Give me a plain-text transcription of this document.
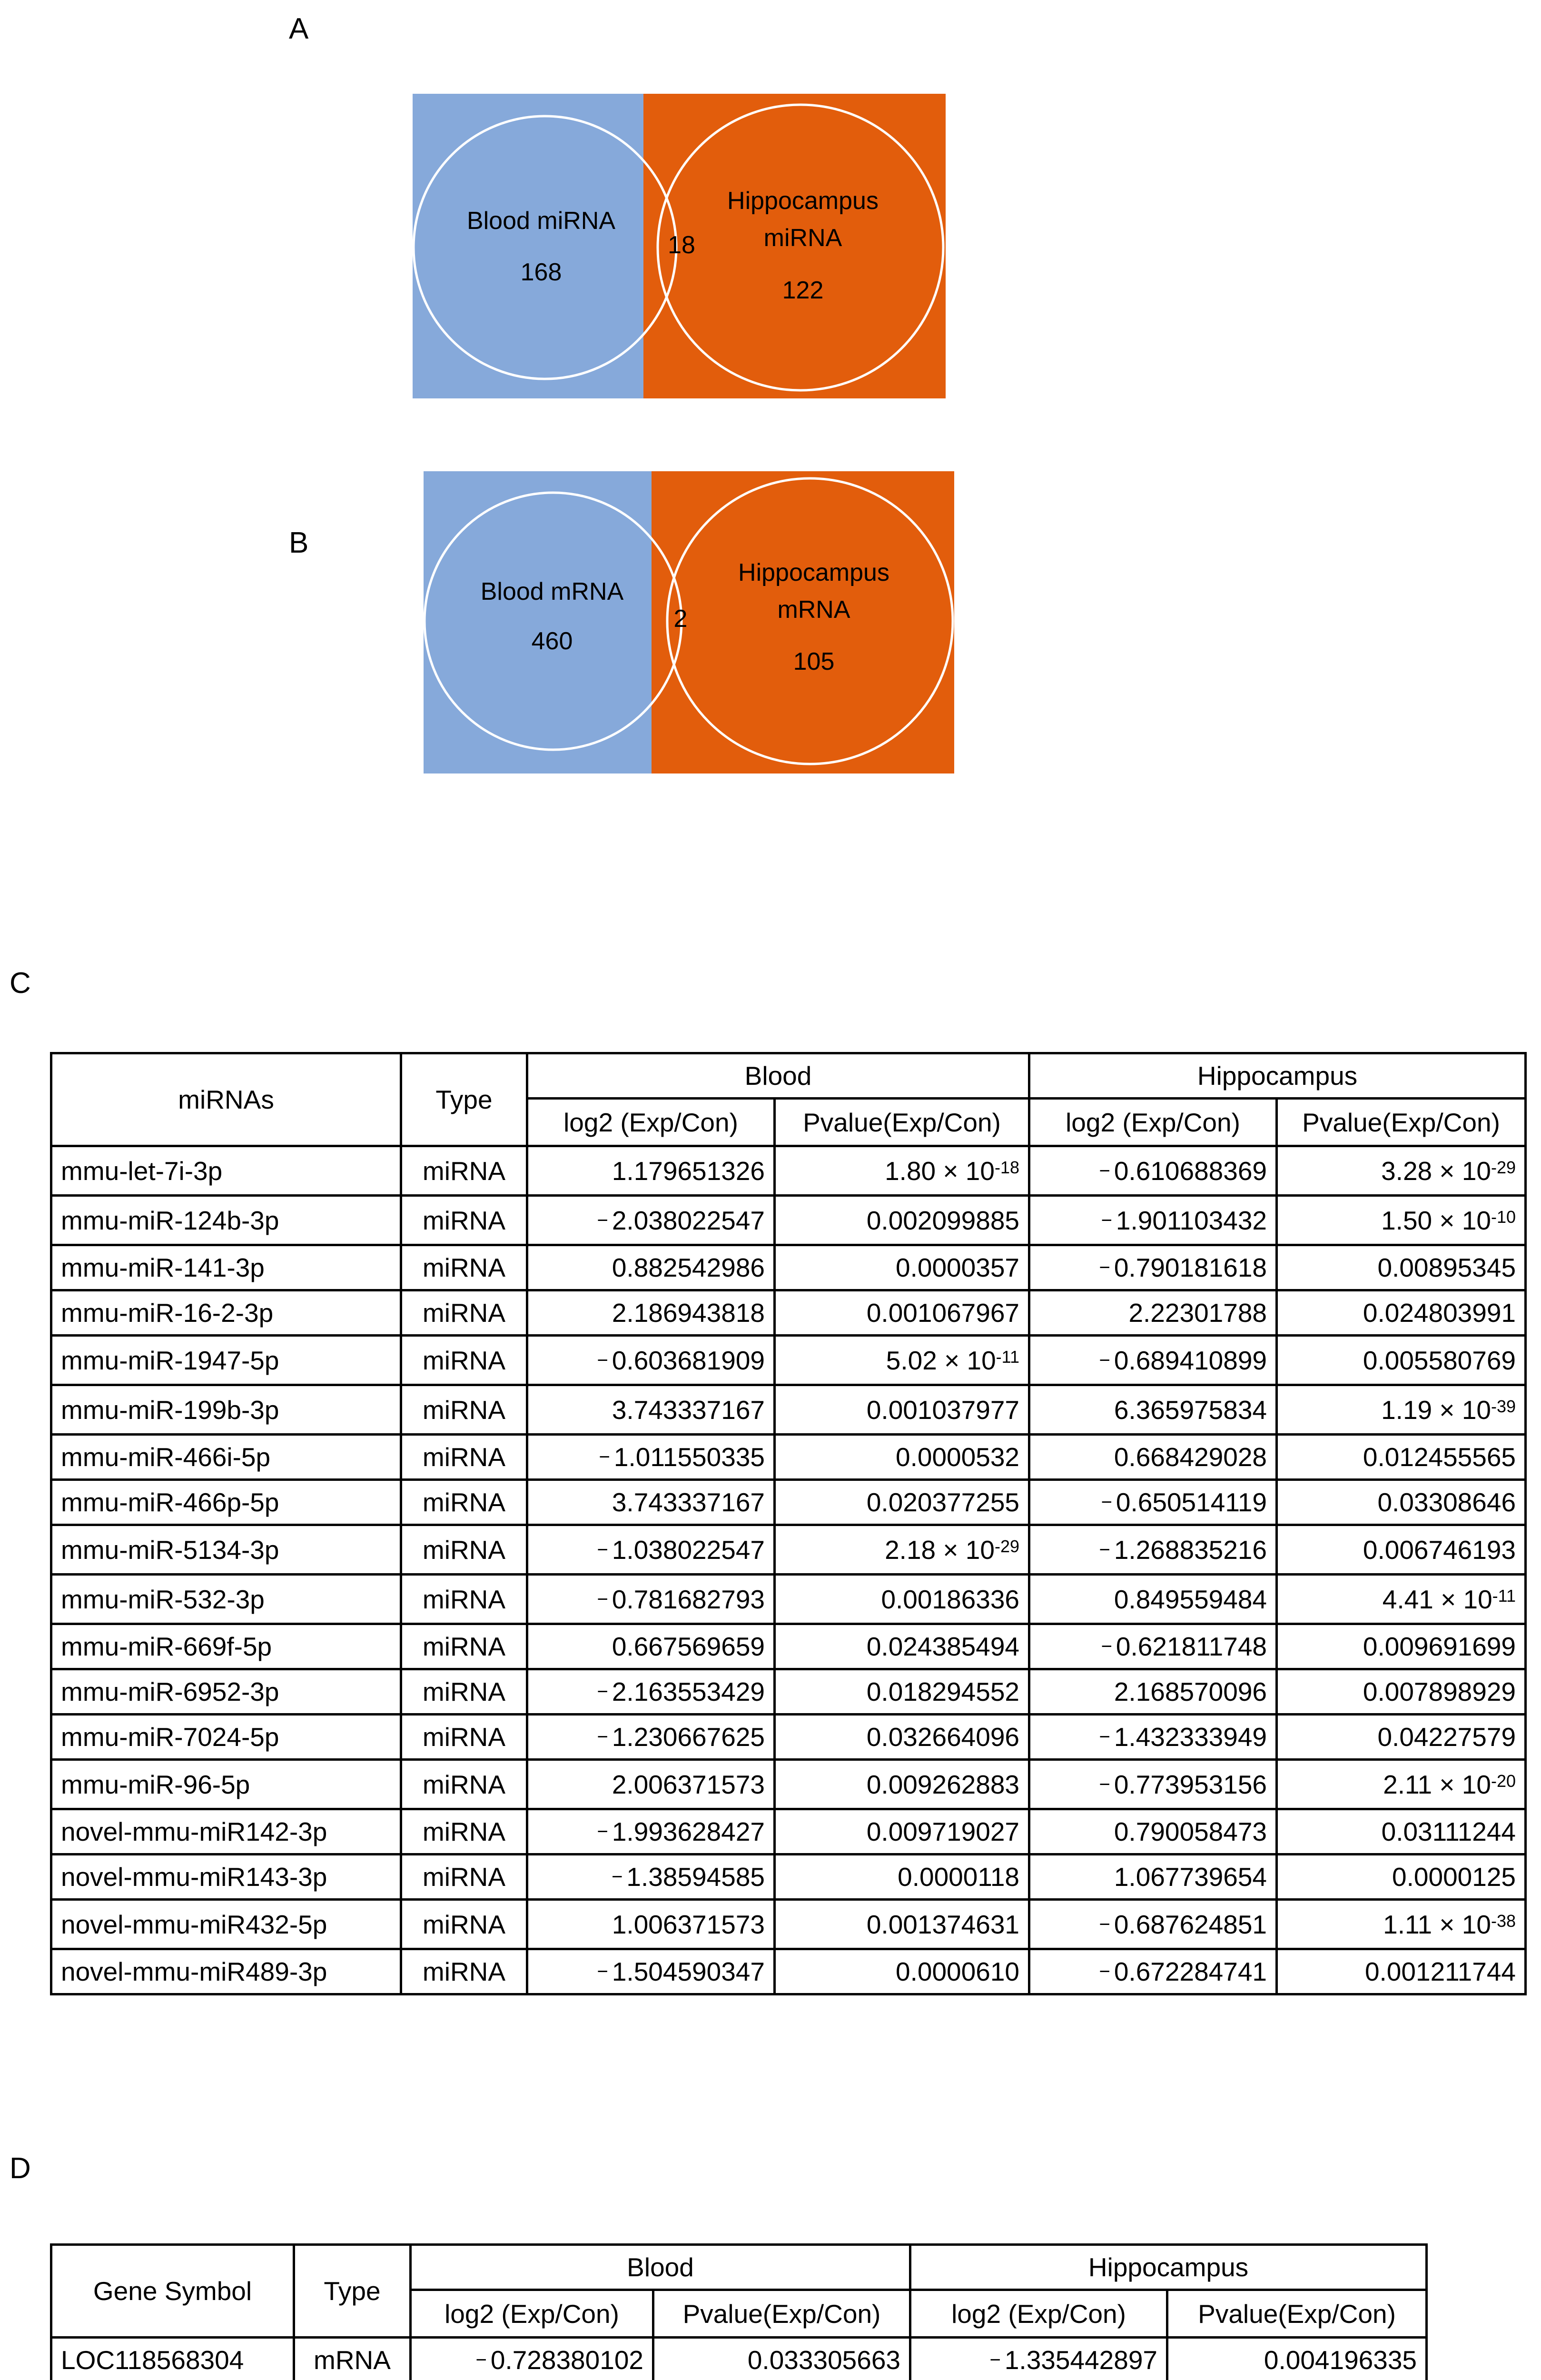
A
B
C
D
Blood miRNA
168
18
Hippocampus
miRNA
122
Blood mRNA
460
2
Hippocampus
mRNA
105
miRNAs	Type	Blood		Hippocampus	
		log2 (Exp/Con)	Pvalue(Exp/Con)	log2 (Exp/Con)	Pvalue(Exp/Con)
mmu-let-7i-3p	miRNA	1.179651326	$1.80 \times 10^{-18}$	− 0.610688369	$3.28 \times 10^{-29}$
mmu-miR-124b-3p	miRNA	− 2.038022547	0.002099885	− 1.901103432	$1.50 \times 10^{-10}$
mmu-miR-141-3p	miRNA	0.882542986	0.0000357	− 0.790181618	0.00895345
mmu-miR-16-2-3p	miRNA	2.186943818	0.001067967	2.22301788	0.024803991
mmu-miR-1947-5p	miRNA	− 0.603681909	$5.02 \times 10^{-11}$	− 0.689410899	0.005580769
mmu-miR-199b-3p	miRNA	3.743337167	0.001037977	6.365975834	$1.19 \times 10^{-39}$
mmu-miR-466i-5p	miRNA	− 1.011550335	0.0000532	0.668429028	0.012455565
mmu-miR-466p-5p	miRNA	3.743337167	0.020377255	− 0.650514119	0.03308646
mmu-miR-5134-3p	miRNA	− 1.038022547	$2.18 \times 10^{-29}$	− 1.268835216	0.006746193
mmu-miR-532-3p	miRNA	− 0.781682793	0.00186336	0.849559484	$4.41 \times 10^{-11}$
mmu-miR-669f-5p	miRNA	0.667569659	0.024385494	− 0.621811748	0.009691699
mmu-miR-6952-3p	miRNA	− 2.163553429	0.018294552	2.168570096	0.007898929
mmu-miR-7024-5p	miRNA	− 1.230667625	0.032664096	− 1.432333949	0.04227579
mmu-miR-96-5p	miRNA	2.006371573	0.009262883	− 0.773953156	$2.11 \times 10^{-20}$
novel-mmu-miR142-3p	miRNA	− 1.993628427	0.009719027	0.790058473	0.03111244
novel-mmu-miR143-3p	miRNA	− 1.38594585	0.0000118	1.067739654	0.0000125
novel-mmu-miR432-5p	miRNA	1.006371573	0.001374631	− 0.687624851	$1.11 \times 10^{-38}$
novel-mmu-miR489-3p	miRNA	− 1.504590347	0.0000610	− 0.672284741	0.001211744
Gene Symbol	Type	Blood		Hippocampus	
		log2 (Exp/Con)	Pvalue(Exp/Con)	log2 (Exp/Con)	Pvalue(Exp/Con)
LOC118568304	mRNA	− 0.728380102	0.033305663	− 1.335442897	0.004196335
